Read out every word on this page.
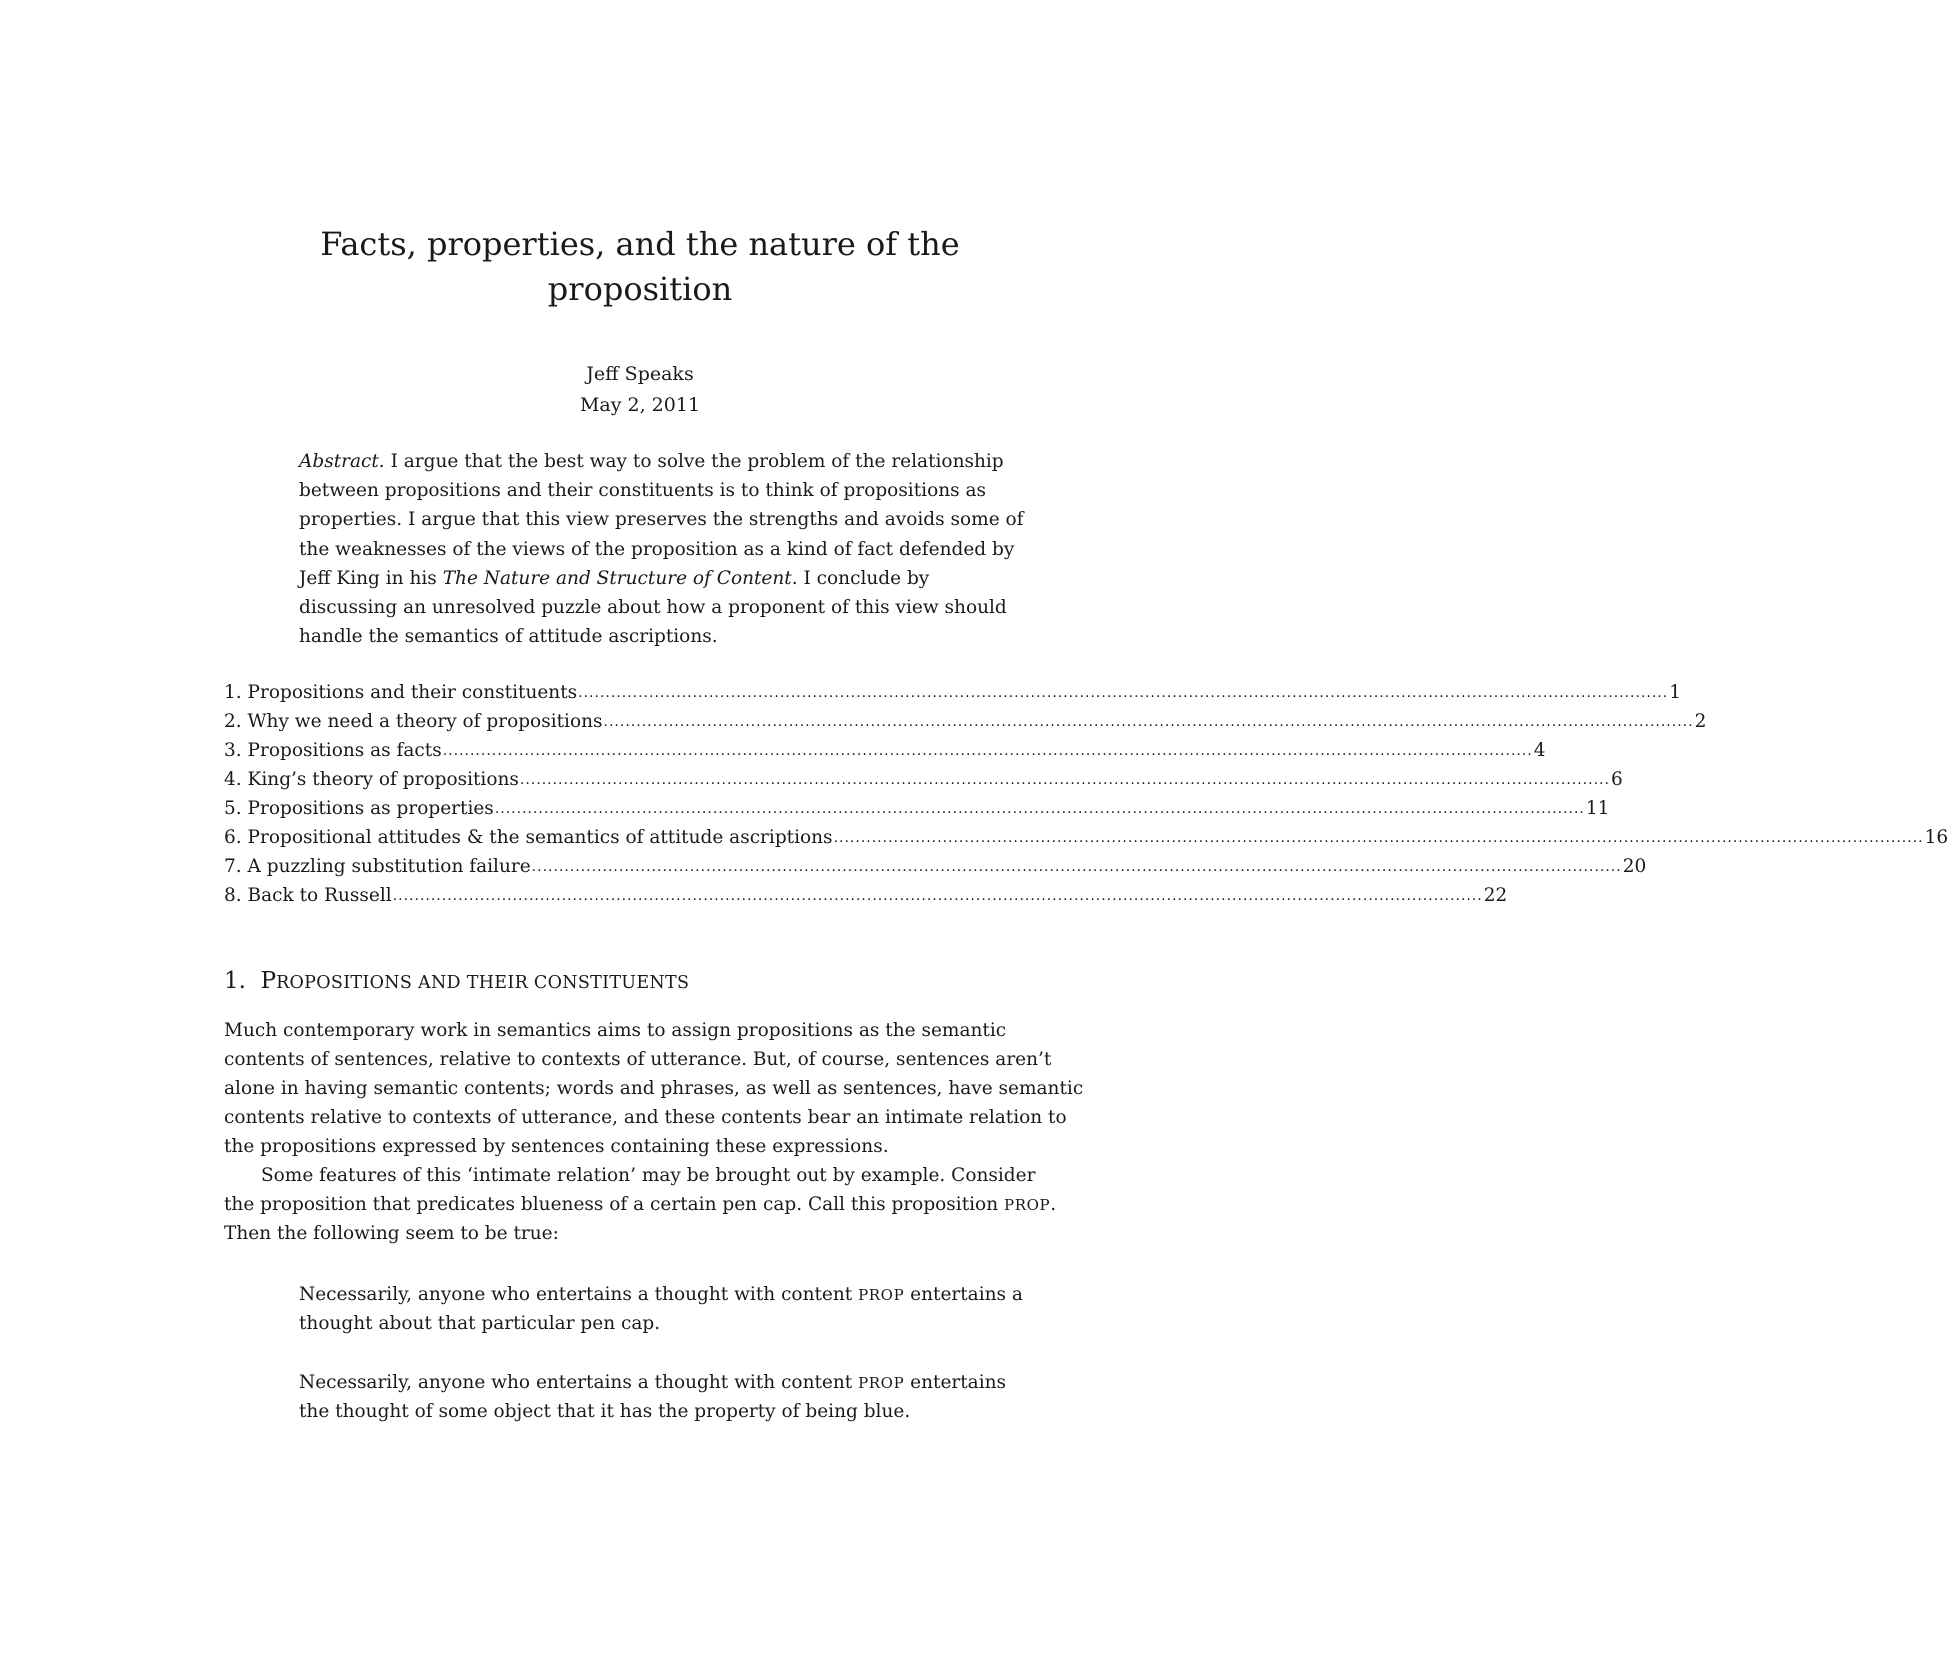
Facts, properties, and the nature of the
proposition
Jeff Speaks
May 2, 2011
Abstract. I argue that the best way to solve the problem of the relationship
between propositions and their constituents is to think of propositions as
properties. I argue that this view preserves the strengths and avoids some of
the weaknesses of the views of the proposition as a kind of fact defended by
Jeff King in his The Nature and Structure of Content. I conclude by
discussing an unresolved puzzle about how a proponent of this view should
handle the semantics of attitude ascriptions.
1. Propositions and their constituents ........................................................................................................................................................................................................ 1
2. Why we need a theory of propositions ........................................................................................................................................................................................................ 2
3. Propositions as facts ........................................................................................................................................................................................................ 4
4. King’s theory of propositions ........................................................................................................................................................................................................ 6
5. Propositions as properties ........................................................................................................................................................................................................ 11
6. Propositional attitudes & the semantics of attitude ascriptions ........................................................................................................................................................................................................ 16
7. A puzzling substitution failure ........................................................................................................................................................................................................ 20
8. Back to Russell ........................................................................................................................................................................................................ 22
1. PROPOSITIONS AND THEIR CONSTITUENTS
Much contemporary work in semantics aims to assign propositions as the semantic
contents of sentences, relative to contexts of utterance. But, of course, sentences aren’t
alone in having semantic contents; words and phrases, as well as sentences, have semantic
contents relative to contexts of utterance, and these contents bear an intimate relation to
the propositions expressed by sentences containing these expressions.
Some features of this ‘intimate relation’ may be brought out by example. Consider
the proposition that predicates blueness of a certain pen cap. Call this proposition PROP.
Then the following seem to be true:
Necessarily, anyone who entertains a thought with content PROP entertains a
thought about that particular pen cap.
Necessarily, anyone who entertains a thought with content PROP entertains
the thought of some object that it has the property of being blue.
